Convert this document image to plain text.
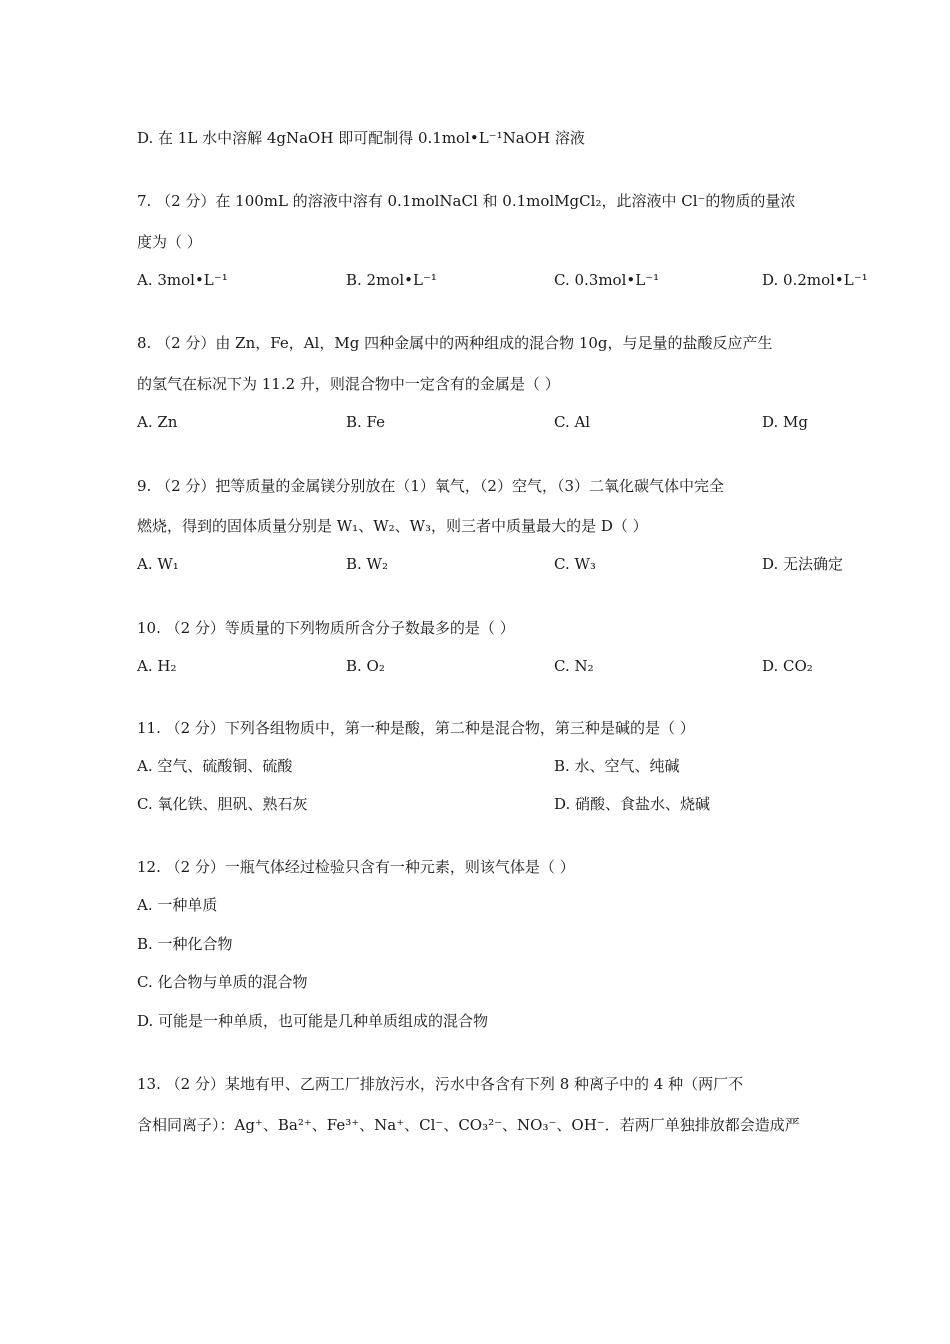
D. 在 1L 水中溶解 4gNaOH 即可配制得 0.1mol•L⁻¹NaOH 溶液
7. （2 分）在 100mL 的溶液中溶有 0.1molNaCl 和 0.1molMgCl₂，此溶液中 Cl⁻的物质的量浓
度为（ ）
A. 3mol•L⁻¹	B. 2mol•L⁻¹	C. 0.3mol•L⁻¹	D. 0.2mol•L⁻¹
8. （2 分）由 Zn，Fe，Al，Mg 四种金属中的两种组成的混合物 10g，与足量的盐酸反应产生
的氢气在标况下为 11.2 升，则混合物中一定含有的金属是（ ）
A. Zn	B. Fe	C. Al	D. Mg
9. （2 分）把等质量的金属镁分别放在（1）氧气，（2）空气，（3）二氧化碳气体中完全
燃烧，得到的固体质量分别是 W₁、W₂、W₃，则三者中质量最大的是 D（ ）
A. W₁	B. W₂	C. W₃	D. 无法确定
10. （2 分）等质量的下列物质所含分子数最多的是（ ）
A. H₂	B. O₂	C. N₂	D. CO₂
11. （2 分）下列各组物质中，第一种是酸，第二种是混合物，第三种是碱的是（ ）
A. 空气、硫酸铜、硫酸	B. 水、空气、纯碱
C. 氧化铁、胆矾、熟石灰	D. 硝酸、食盐水、烧碱
12. （2 分）一瓶气体经过检验只含有一种元素，则该气体是（ ）
A. 一种单质
B. 一种化合物
C. 化合物与单质的混合物
D. 可能是一种单质，也可能是几种单质组成的混合物
13. （2 分）某地有甲、乙两工厂排放污水，污水中各含有下列 8 种离子中的 4 种（两厂不
含相同离子）：Ag⁺、Ba²⁺、Fe³⁺、Na⁺、Cl⁻、CO₃²⁻、NO₃⁻、OH⁻．若两厂单独排放都会造成严
